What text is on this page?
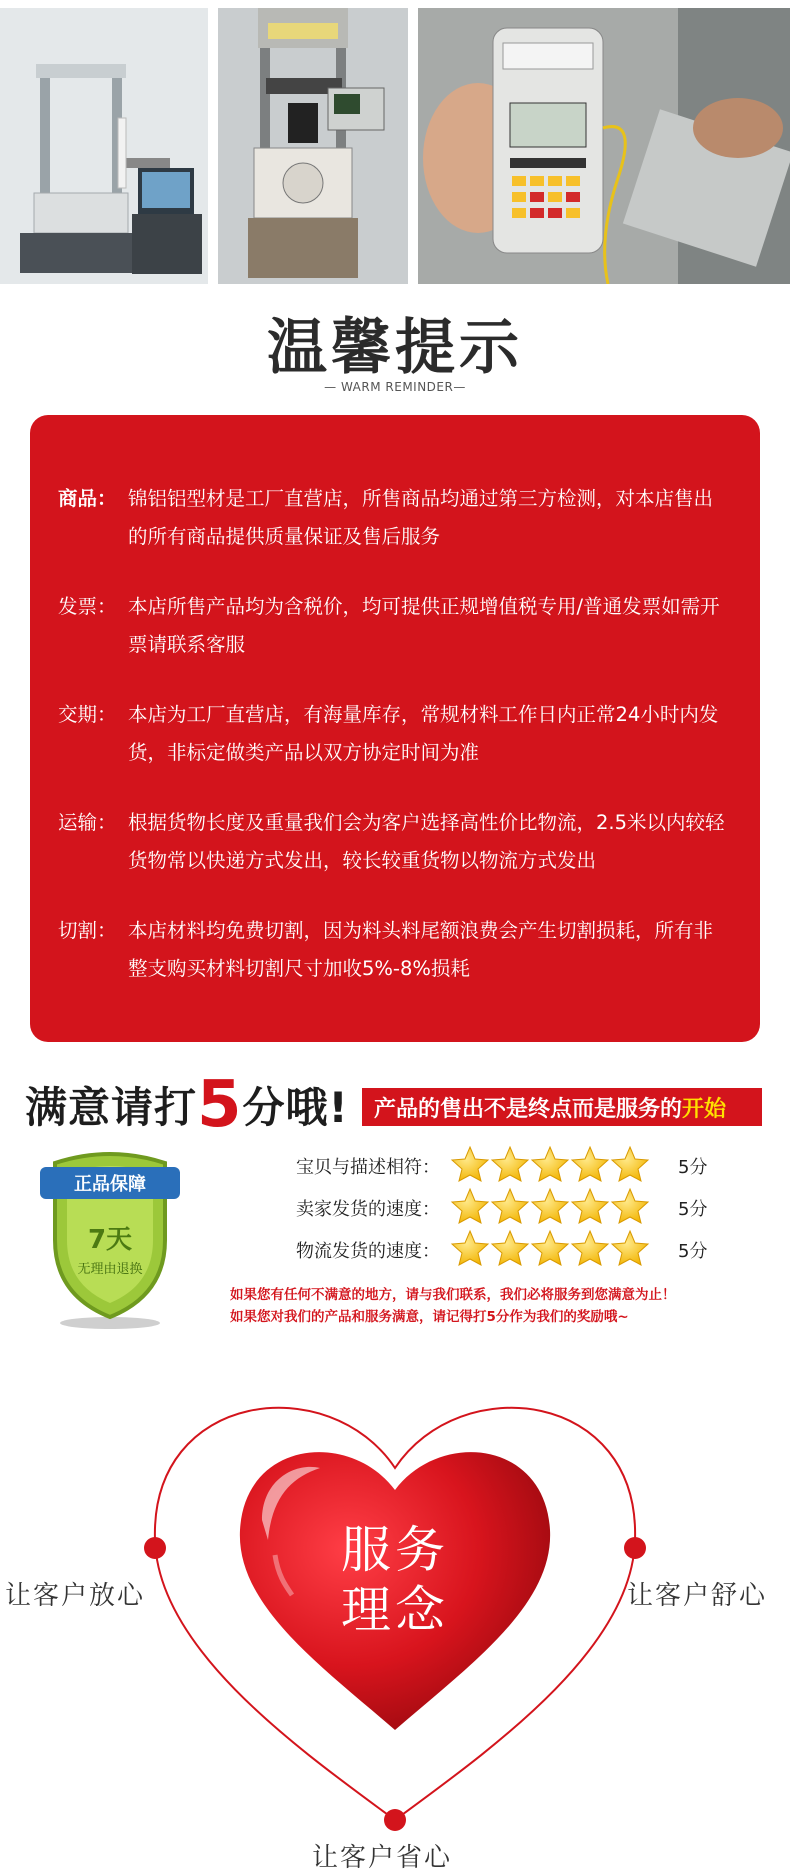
温馨提示
— WARM REMINDER—
商品： 锦铝铝型材是工厂直营店，所售商品均通过第三方检测，对本店售出的所有商品提供质量保证及售后服务
发票： 本店所售产品均为含税价，均可提供正规增值税专用/普通发票如需开票请联系客服
交期： 本店为工厂直营店，有海量库存，常规材料工作日内正常24小时内发货，非标定做类产品以双方协定时间为准
运输： 根据货物长度及重量我们会为客户选择高性价比物流，2.5米以内较轻货物常以快递方式发出，较长较重货物以物流方式发出
切割： 本店材料均免费切割，因为料头料尾额浪费会产生切割损耗，所有非整支购买材料切割尺寸加收5%-8%损耗
满意请打 5 分哦! 产品的售出不是终点而是服务的 开始
正品保障
7天
无理由退换
宝贝与描述相符：	5分
卖家发货的速度：	5分
物流发货的速度：	5分
如果您有任何不满意的地方，请与我们联系，我们必将服务到您满意为止！
如果您对我们的产品和服务满意，请记得打5分作为我们的奖励哦~
服务
理念
让客户放心	让客户舒心
让客户省心
